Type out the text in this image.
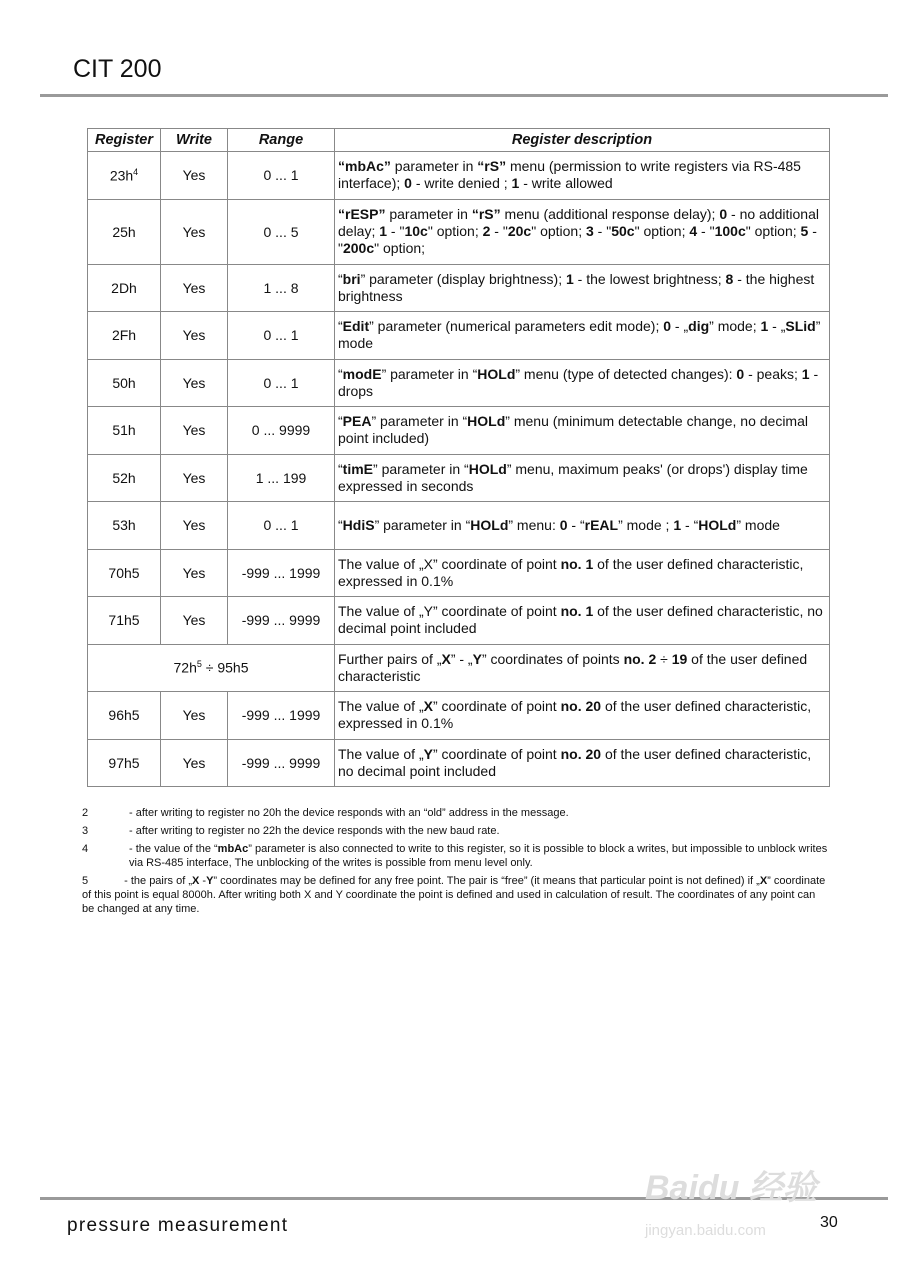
CIT 200
Register	Write	Range	Register description
$23h^4$	Yes	0 ... 1	“mbAc” parameter in “rS” menu (permission to write registers via RS-485 interface); 0 - write denied ; 1 - write allowed
25h	Yes	0 ... 5	“rESP” parameter in “rS” menu (additional response delay); 0 - no additional delay; 1 - "10c" option; 2 - "20c" option; 3 - "50c" option; 4 - "100c" option; 5 - "200c" option;
2Dh	Yes	1 ... 8	“bri” parameter (display brightness); 1 - the lowest brightness; 8 - the highest brightness
2Fh	Yes	0 ... 1	“Edit” parameter (numerical parameters edit mode); 0 - „dig” mode; 1 - „SLid” mode
50h	Yes	0 ... 1	“modE” parameter in “HOLd” menu (type of detected changes): 0 - peaks; 1 - drops
51h	Yes	0 ... 9999	“PEA” parameter in “HOLd” menu (minimum detectable change, no decimal point included)
52h	Yes	1 ... 199	“timE” parameter in “HOLd” menu, maximum peaks' (or drops') display time expressed in seconds
53h	Yes	0 ... 1	“HdiS” parameter in “HOLd” menu: 0 - “rEAL” mode ; 1 - “HOLd” mode
70h5	Yes	-999 ... 1999	The value of „X” coordinate of point no. 1 of the user defined characteristic, expressed in 0.1%
71h5	Yes	-999 ... 9999	The value of „Y” coordinate of point no. 1 of the user defined characteristic, no decimal point included
$72h^5 \div 95h5$			Further pairs of „X” - „Y” coordinates of points no. 2 ÷ 19 of the user defined characteristic
96h5	Yes	-999 ... 1999	The value of „X” coordinate of point no. 20 of the user defined characteristic, expressed in 0.1%
97h5	Yes	-999 ... 9999	The value of „Y” coordinate of point no. 20 of the user defined characteristic, no decimal point included
2	- after writing to register no 20h the device responds with an “old” address in the message.
3	- after writing to register no 22h the device responds with the new baud rate.
4	- the value of the “mbAc” parameter is also connected to write to this register, so it is possible to block a writes, but impossible to unblock writes via RS-485 interface, The unblocking of the writes is possible from menu level only.
5	- the pairs of „X -Y” coordinates may be defined for any free point. The pair is “free” (it means that particular point is not defined) if „X” coordinate of this point is equal 8000h. After writing both X and Y coordinate the point is defined and used in calculation of result. The coordinates of any point can be changed at any time.
pressure measurement	30
Baidu 经验
jingyan.baidu.com
